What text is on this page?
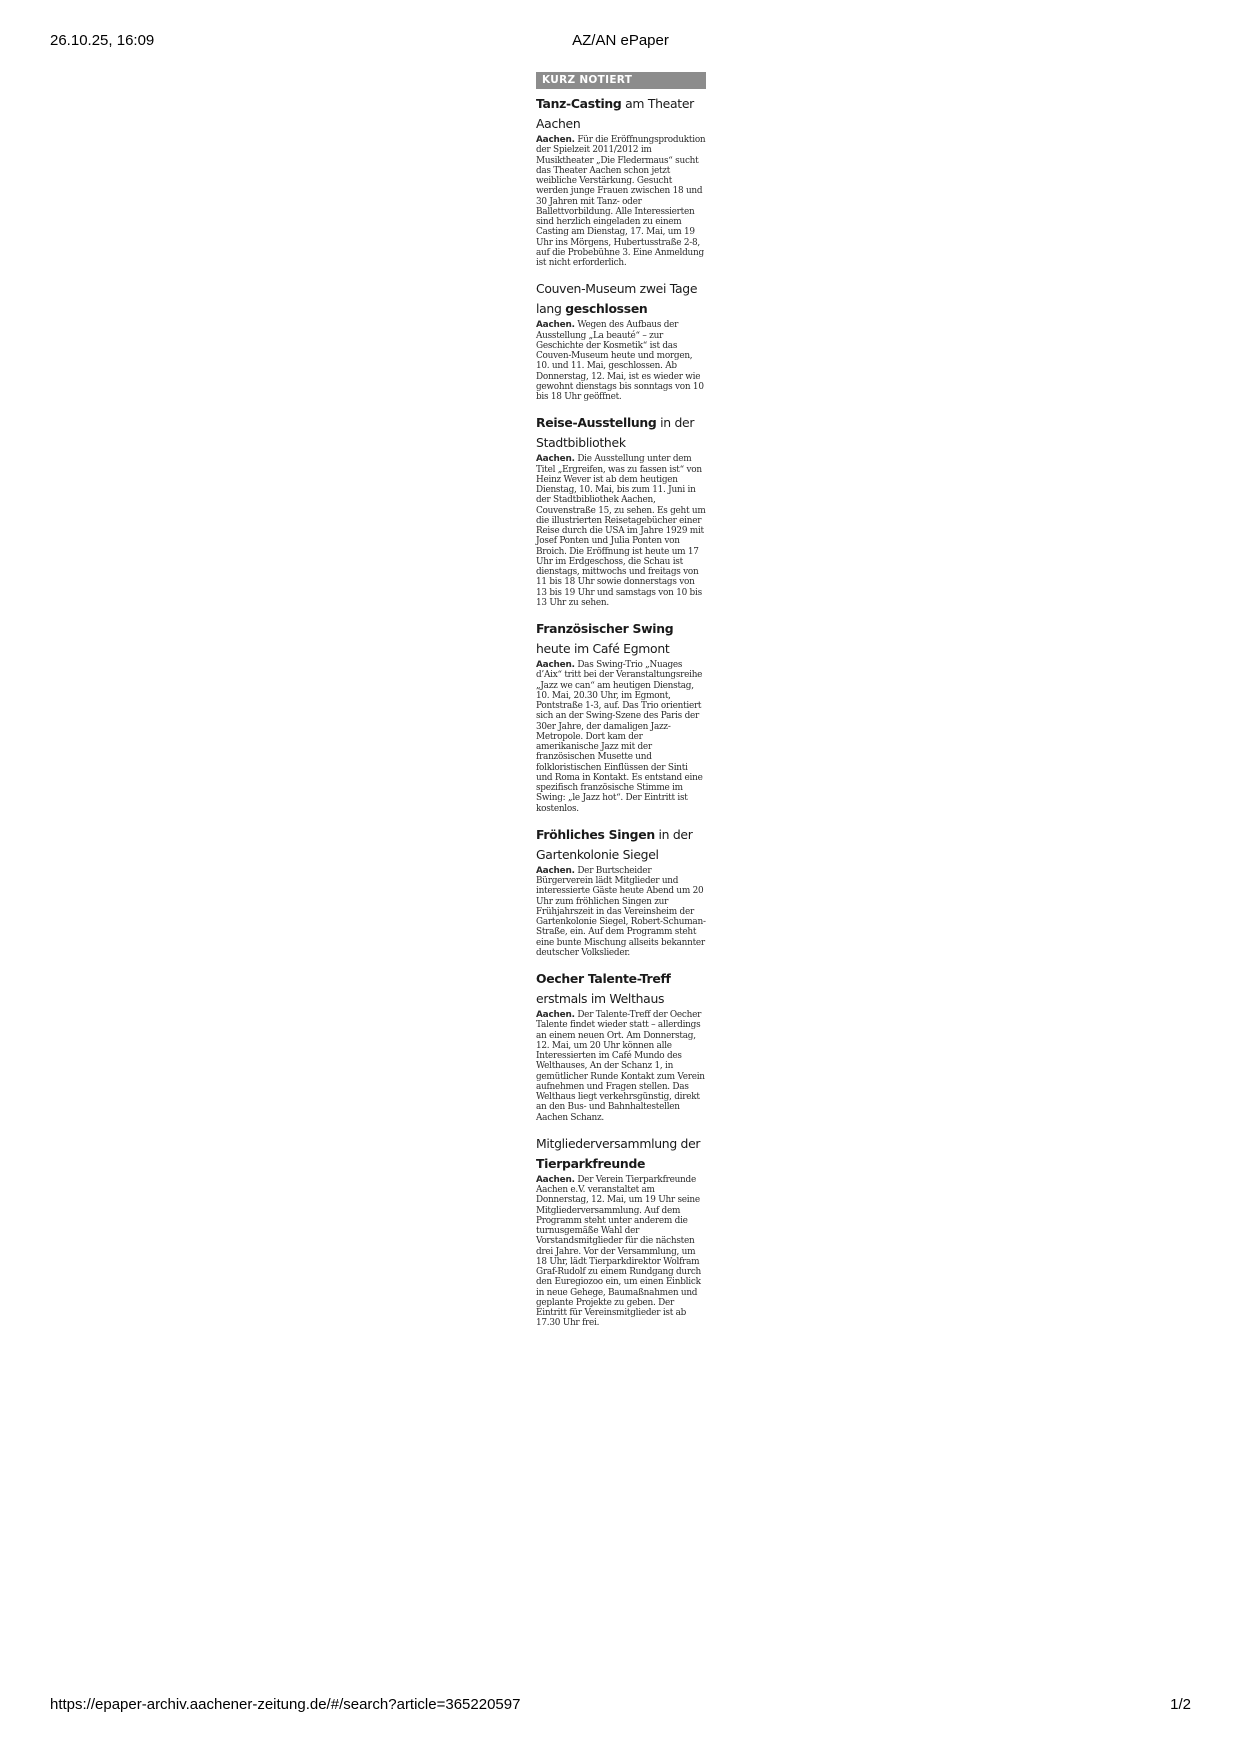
26.10.25, 16:09	AZ/AN ePaper
KURZ NOTIERT

Tanz-Casting am Theater Aachen

Aachen. Für die Eröffnungsproduktion der Spielzeit 2011/2012 im Musiktheater „Die Fledermaus“ sucht das Theater Aachen schon jetzt weibliche Verstärkung. Gesucht werden junge Frauen zwischen 18 und 30 Jahren mit Tanz- oder Ballettvorbildung. Alle Interessierten sind herzlich eingeladen zu einem Casting am Dienstag, 17. Mai, um 19 Uhr ins Mörgens, Hubertusstraße 2-8, auf die Probebühne 3. Eine Anmeldung ist nicht erforderlich.

Couven-Museum zwei Tage lang geschlossen

Aachen. Wegen des Aufbaus der Ausstellung „La beauté“ – zur Geschichte der Kosmetik“ ist das Couven-Museum heute und morgen, 10. und 11. Mai, geschlossen. Ab Donnerstag, 12. Mai, ist es wieder wie gewohnt dienstags bis sonntags von 10 bis 18 Uhr geöffnet.

Reise-Ausstellung in der Stadtbibliothek

Aachen. Die Ausstellung unter dem Titel „Ergreifen, was zu fassen ist“ von Heinz Wever ist ab dem heutigen Dienstag, 10. Mai, bis zum 11. Juni in der Stadtbibliothek Aachen, Couvenstraße 15, zu sehen. Es geht um die illustrierten Reisetagebücher einer Reise durch die USA im Jahre 1929 mit Josef Ponten und Julia Ponten von Broich. Die Eröffnung ist heute um 17 Uhr im Erdgeschoss, die Schau ist dienstags, mittwochs und freitags von 11 bis 18 Uhr sowie donnerstags von 13 bis 19 Uhr und samstags von 10 bis 13 Uhr zu sehen.

Französischer Swing heute im Café Egmont

Aachen. Das Swing-Trio „Nuages d’Aix“ tritt bei der Veranstaltungsreihe „Jazz we can“ am heutigen Dienstag, 10. Mai, 20.30 Uhr, im Egmont, Pontstraße 1-3, auf. Das Trio orientiert sich an der Swing-Szene des Paris der 30er Jahre, der damaligen Jazz-Metropole. Dort kam der amerikanische Jazz mit der französischen Musette und folkloristischen Einflüssen der Sinti und Roma in Kontakt. Es entstand eine spezifisch französische Stimme im Swing: „le Jazz hot“. Der Eintritt ist kostenlos.

Fröhliches Singen in der Gartenkolonie Siegel

Aachen. Der Burtscheider Bürgerverein lädt Mitglieder und interessierte Gäste heute Abend um 20 Uhr zum fröhlichen Singen zur Frühjahrszeit in das Vereinsheim der Gartenkolonie Siegel, Robert-Schuman-Straße, ein. Auf dem Programm steht eine bunte Mischung allseits bekannter deutscher Volkslieder.

Oecher Talente-Treff erstmals im Welthaus

Aachen. Der Talente-Treff der Oecher Talente findet wieder statt – allerdings an einem neuen Ort. Am Donnerstag, 12. Mai, um 20 Uhr können alle Interessierten im Café Mundo des Welthauses, An der Schanz 1, in gemütlicher Runde Kontakt zum Verein aufnehmen und Fragen stellen. Das Welthaus liegt verkehrsgünstig, direkt an den Bus- und Bahnhaltestellen Aachen Schanz.

Mitgliederversammlung der Tierparkfreunde

Aachen. Der Verein Tierparkfreunde Aachen e.V. veranstaltet am Donnerstag, 12. Mai, um 19 Uhr seine Mitgliederversammlung. Auf dem Programm steht unter anderem die turnusgemäße Wahl der Vorstandsmitglieder für die nächsten drei Jahre. Vor der Versammlung, um 18 Uhr, lädt Tierparkdirektor Wolfram Graf-Rudolf zu einem Rundgang durch den Euregiozoo ein, um einen Einblick in neue Gehege, Baumaßnahmen und geplante Projekte zu geben. Der Eintritt für Vereinsmitglieder ist ab 17.30 Uhr frei.

https://epaper-archiv.aachener-zeitung.de/#/search?article=365220597	1/2
